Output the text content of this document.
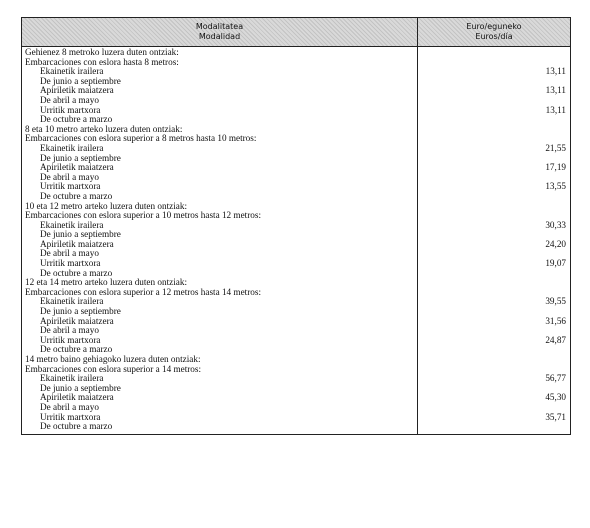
Modalitatea
Modalidad
Euro/eguneko
Euros/día
Gehienez 8 metroko luzera duten ontziak:
Embarcaciones con eslora hasta 8 metros:
Ekainetik irailera
De junio a septiembre
Apiriletik maiatzera
De abril a mayo
Urritik martxora
De octubre a marzo
8 eta 10 metro arteko luzera duten ontziak:
Embarcaciones con eslora superior a 8 metros hasta 10 metros:
Ekainetik irailera
De junio a septiembre
Apiriletik maiatzera
De abril a mayo
Urritik martxora
De octubre a marzo
10 eta 12 metro arteko luzera duten ontziak:
Embarcaciones con eslora superior a 10 metros hasta 12 metros:
Ekainetik irailera
De junio a septiembre
Apiriletik maiatzera
De abril a mayo
Urritik martxora
De octubre a marzo
12 eta 14 metro arteko luzera duten ontziak:
Embarcaciones con eslora superior a 12 metros hasta 14 metros:
Ekainetik irailera
De junio a septiembre
Apiriletik maiatzera
De abril a mayo
Urritik martxora
De octubre a marzo
14 metro baino gehiagoko luzera duten ontziak:
Embarcaciones con eslora superior a 14 metros:
Ekainetik irailera
De junio a septiembre
Apiriletik maiatzera
De abril a mayo
Urritik martxora
De octubre a marzo
13,11
13,11
13,11
21,55
17,19
13,55
30,33
24,20
19,07
39,55
31,56
24,87
56,77
45,30
35,71
